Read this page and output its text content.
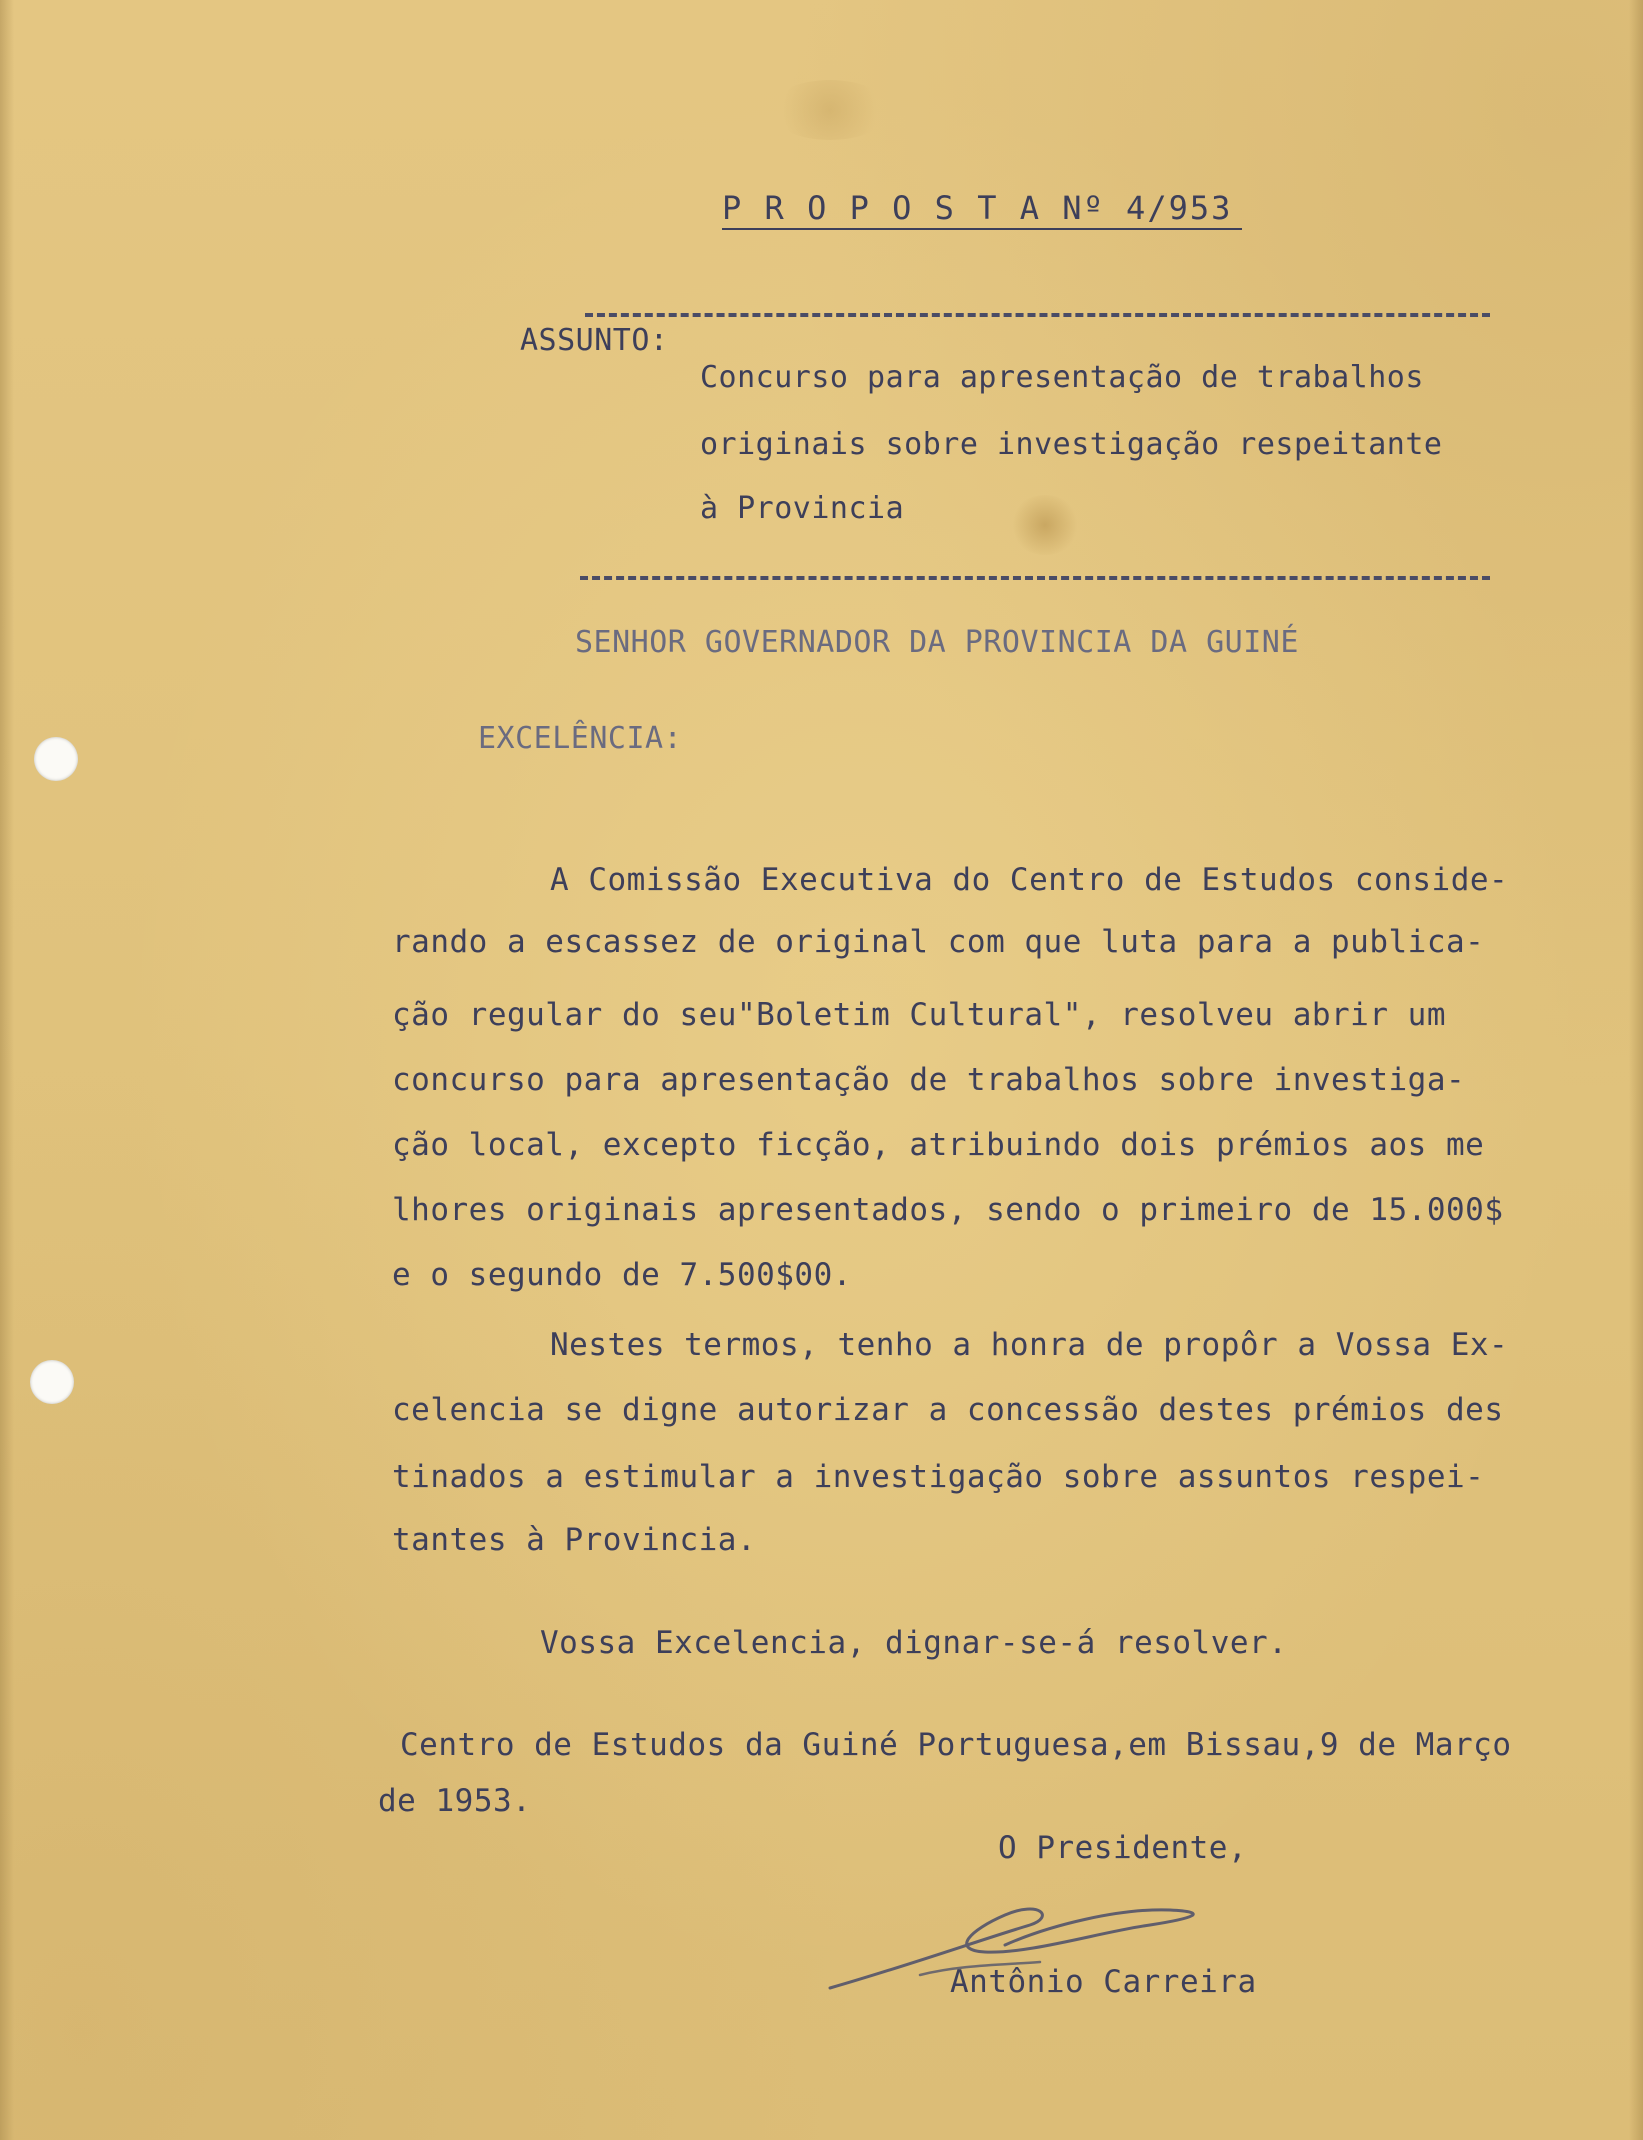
P R O P O S T A Nº 4/953
ASSUNTO:
Concurso para apresentação de trabalhos
originais sobre investigação respeitante
à Provincia
SENHOR GOVERNADOR DA PROVINCIA DA GUINÉ
EXCELÊNCIA:
A Comissão Executiva do Centro de Estudos conside-
rando a escassez de original com que luta para a publica-
ção regular do seu"Boletim Cultural", resolveu abrir um
concurso para apresentação de trabalhos sobre investiga-
ção local, excepto ficção, atribuindo dois prémios aos me
lhores originais apresentados, sendo o primeiro de 15.000$
e o segundo de 7.500$00.
Nestes termos, tenho a honra de propôr a Vossa Ex-
celencia se digne autorizar a concessão destes prémios des
tinados a estimular a investigação sobre assuntos respei-
tantes à Provincia.
Vossa Excelencia, dignar-se-á resolver.
Centro de Estudos da Guiné Portuguesa,em Bissau,9 de Março
de 1953.
O Presidente,
Antônio Carreira
